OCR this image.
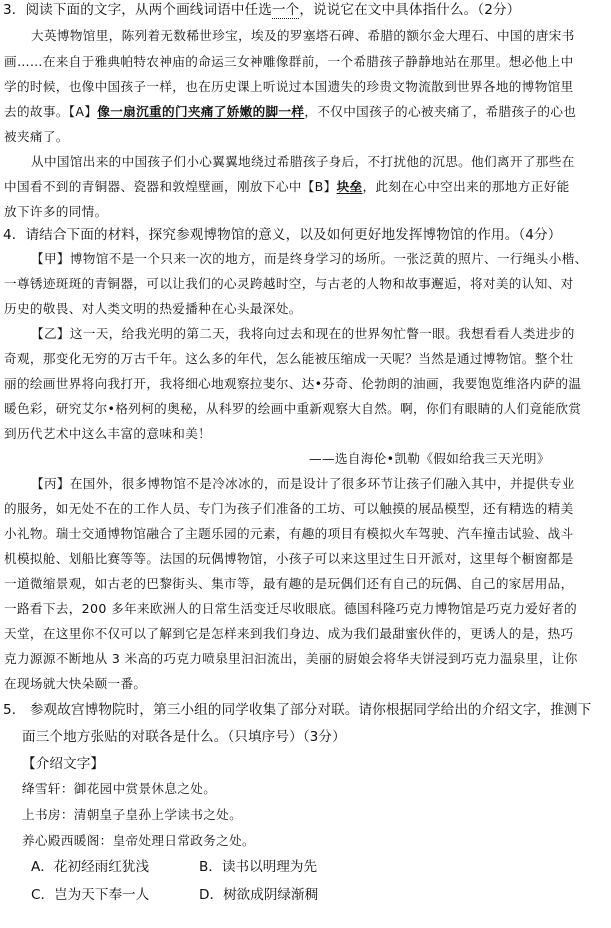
3．阅读下面的文字，从两个画线词语中任选一个，说说它在文中具体指什么。（2分）

大英博物馆里，陈列着无数稀世珍宝，埃及的罗塞塔石碑、希腊的额尔金大理石、中国的唐宋书

画……在来自于雅典帕特农神庙的命运三女神雕像群前，一个希腊孩子静静地站在那里。想必他上中

学的时候，也像中国孩子一样，也在历史课上听说过本国遗失的珍贵文物流散到世界各地的博物馆里

去的故事。【A】像一扇沉重的门夹痛了娇嫩的脚一样，不仅中国孩子的心被夹痛了，希腊孩子的心也

被夹痛了。

从中国馆出来的中国孩子们小心翼翼地绕过希腊孩子身后，不打扰他的沉思。他们离开了那些在

中国看不到的青铜器、瓷器和敦煌壁画，刚放下心中【B】块垒，此刻在心中空出来的那地方正好能

放下许多的同情。

4．请结合下面的材料，探究参观博物馆的意义，以及如何更好地发挥博物馆的作用。（4分）

【甲】博物馆不是一个只来一次的地方，而是终身学习的场所。一张泛黄的照片、一行绳头小楷、

一尊锈迹斑斑的青铜器，可以让我们的心灵跨越时空，与古老的人物和故事邂逅，将对美的认知、对

历史的敬畏、对人类文明的热爱播种在心头最深处。

【乙】这一天，给我光明的第二天，我将向过去和现在的世界匆忙瞥一眼。我想看看人类进步的

奇观，那变化无穷的万古千年。这么多的年代，怎么能被压缩成一天呢？当然是通过博物馆。整个壮

丽的绘画世界将向我打开，我将细心地观察拉斐尔、达•芬奇、伦勃朗的油画，我要饱览维洛内萨的温

暖色彩，研究艾尔•格列柯的奥秘，从科罗的绘画中重新观察大自然。啊，你们有眼睛的人们竟能欣赏

到历代艺术中这么丰富的意味和美！

——选自海伦•凯勒《假如给我三天光明》

【丙】在国外，很多博物馆不是冷冰冰的，而是设计了很多环节让孩子们融入其中，并提供专业

的服务，如无处不在的工作人员、专门为孩子们准备的工坊、可以触摸的展品模型，还有精选的精美

小礼物。瑞士交通博物馆融合了主题乐园的元素，有趣的项目有模拟火车驾驶、汽车撞击试验、战斗

机模拟舱、划船比赛等等。法国的玩偶博物馆，小孩子可以来这里过生日开派对，这里每个橱窗都是

一道微缩景观，如古老的巴黎街头、集市等，最有趣的是玩偶们还有自己的玩偶、自己的家居用品，

一路看下去，200 多年来欧洲人的日常生活变迁尽收眼底。德国科隆巧克力博物馆是巧克力爱好者的

天堂，在这里你不仅可以了解到它是怎样来到我们身边、成为我们最甜蜜伙伴的，更诱人的是，热巧

克力源源不断地从 3 米高的巧克力喷泉里汩汩流出，美丽的厨娘会将华夫饼浸到巧克力温泉里，让你

在现场就大快朵颐一番。

5． 参观故宫博物院时，第三小组的同学收集了部分对联。请你根据同学给出的介绍文字，推测下

面三个地方张贴的对联各是什么。（只填序号）（3分）

【介绍文字】

绛雪轩：御花园中赏景休息之处。

上书房：清朝皇子皇孙上学读书之处。

养心殿西暖阁：皇帝处理日常政务之处。

A．花初经雨红犹浅	B．读书以明理为先
C．岂为天下奉一人	D．树欲成阴绿渐稠
